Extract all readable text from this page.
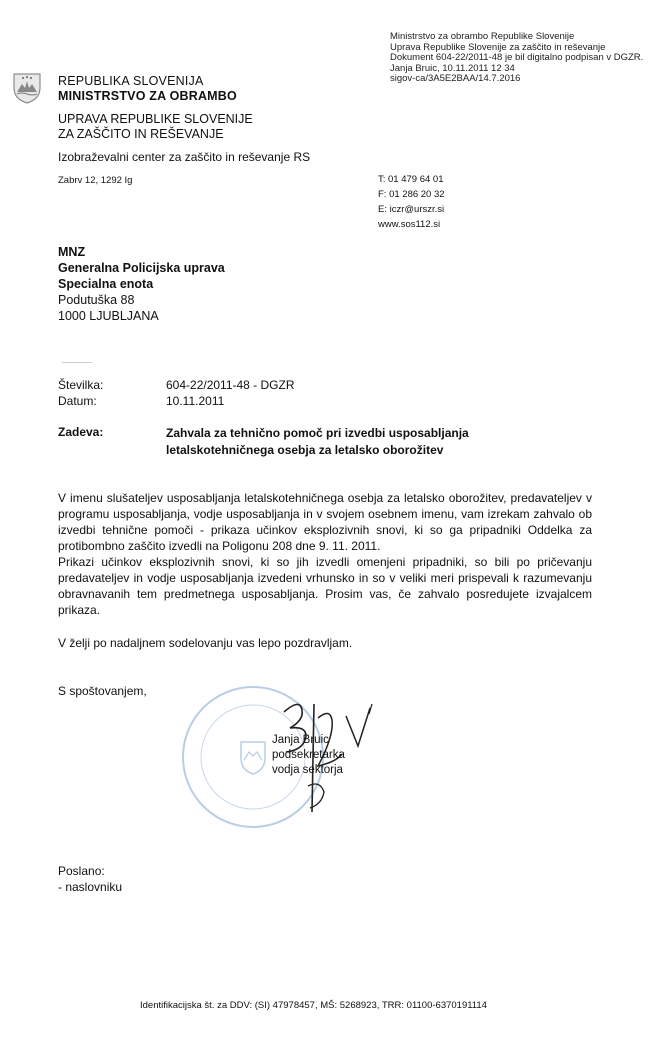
Ministrstvo za obrambo Republike Slovenije
Uprava Republike Slovenije za zaščito in reševanje
Dokument 604-22/2011-48 je bil digitalno podpisan v DGZR.
Janja Bruic, 10.11.2011 12 34
sigov-ca/3A5E2BAA/14.7.2016
REPUBLIKA SLOVENIJA
MINISTRSTVO ZA OBRAMBO
UPRAVA REPUBLIKE SLOVENIJE
ZA ZAŠČITO IN REŠEVANJE
Izobraževalni center za zaščito in reševanje RS
Zabrv 12, 1292 Ig	T: 01 479 64 01
F: 01 286 20 32
E: iczr@urszr.si
www.sos112.si
MNZ
Generalna Policijska uprava
Specialna enota
Podutuška 88
1000 LJUBLJANA
Številka:
Datum:
604-22/2011-48 - DGZR
10.11.2011
Zadeva:	Zahvala za tehnično pomoč pri izvedbi usposabljanja
letalskotehničnega osebja za letalsko oborožitev

V imenu slušateljev usposabljanja letalskotehničnega osebja za letalsko oborožitev, predavateljev v programu usposabljanja, vodje usposabljanja in v svojem osebnem imenu, vam izrekam zahvalo ob izvedbi tehnične pomoči - prikaza učinkov eksplozivnih snovi, ki so ga pripadniki Oddelka za protibombno zaščito izvedli na Poligonu 208 dne 9. 11. 2011.

Prikazi učinkov eksplozivnih snovi, ki so jih izvedli omenjeni pripadniki, so bili po pričevanju predavateljev in vodje usposabljanja izvedeni vrhunsko in so v veliki meri prispevali k razumevanju obravnavanih tem predmetnega usposabljanja. Prosim vas, če zahvalo posredujete izvajalcem prikaza.

V želji po nadaljnem sodelovanju vas lepo pozdravljam.
S spoštovanjem,
Janja Bruic
podsekretarka
vodja sektorja
Poslano:
- naslovniku
Identifikacijska št. za DDV: (SI) 47978457, MŠ: 5268923, TRR: 01100-6370191114
